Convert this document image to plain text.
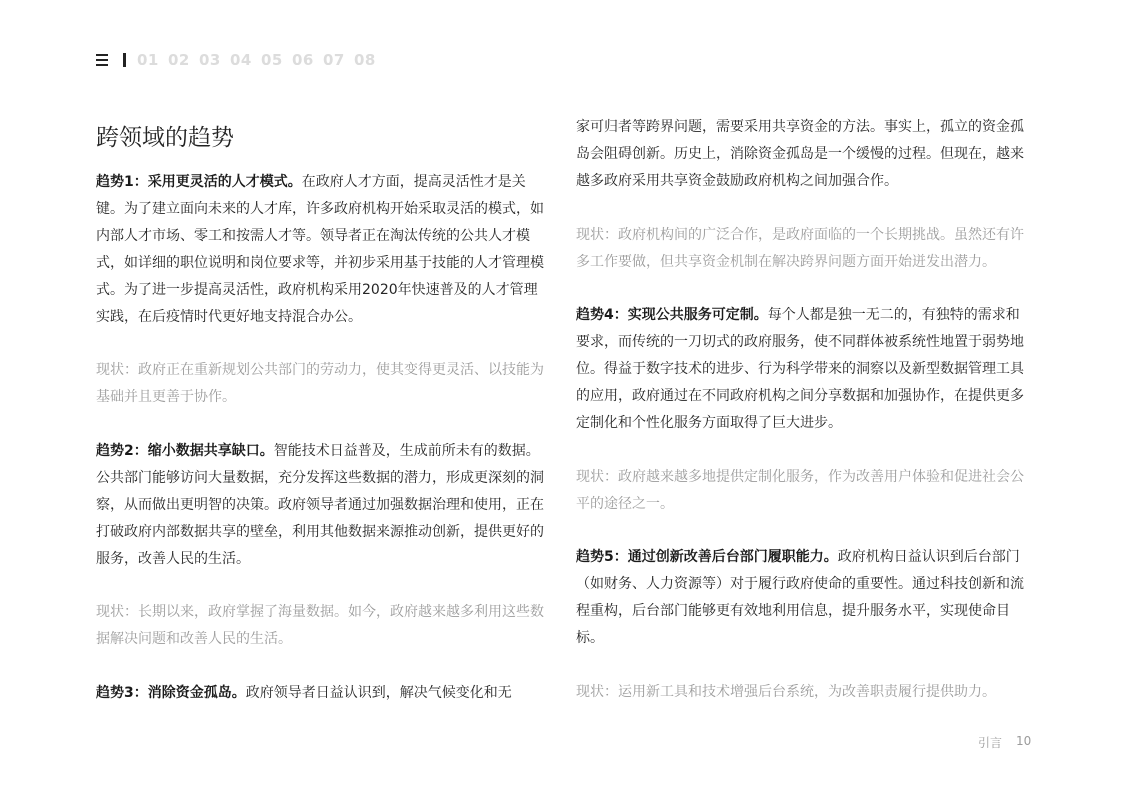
01 02 03 04 05 06 07 08
跨领域的趋势

趋势1：采用更灵活的人才模式。在政府人才方面，提高灵活性才是关键。为了建立面向未来的人才库，许多政府机构开始采取灵活的模式，如内部人才市场、零工和按需人才等。领导者正在淘汰传统的公共人才模式，如详细的职位说明和岗位要求等，并初步采用基于技能的人才管理模式。为了进一步提高灵活性，政府机构采用2020年快速普及的人才管理实践，在后疫情时代更好地支持混合办公。

现状：政府正在重新规划公共部门的劳动力，使其变得更灵活、以技能为基础并且更善于协作。

趋势2：缩小数据共享缺口。智能技术日益普及，生成前所未有的数据。公共部门能够访问大量数据，充分发挥这些数据的潜力，形成更深刻的洞察，从而做出更明智的决策。政府领导者通过加强数据治理和使用，正在打破政府内部数据共享的壁垒，利用其他数据来源推动创新，提供更好的服务，改善人民的生活。

现状：长期以来，政府掌握了海量数据。如今，政府越来越多利用这些数据解决问题和改善人民的生活。

趋势3：消除资金孤岛。政府领导者日益认识到，解决气候变化和无

家可归者等跨界问题，需要采用共享资金的方法。事实上，孤立的资金孤岛会阻碍创新。历史上，消除资金孤岛是一个缓慢的过程。但现在，越来越多政府采用共享资金鼓励政府机构之间加强合作。

现状：政府机构间的广泛合作，是政府面临的一个长期挑战。虽然还有许多工作要做，但共享资金机制在解决跨界问题方面开始迸发出潜力。

趋势4：实现公共服务可定制。每个人都是独一无二的，有独特的需求和要求，而传统的一刀切式的政府服务，使不同群体被系统性地置于弱势地位。得益于数字技术的进步、行为科学带来的洞察以及新型数据管理工具的应用，政府通过在不同政府机构之间分享数据和加强协作，在提供更多定制化和个性化服务方面取得了巨大进步。

现状：政府越来越多地提供定制化服务，作为改善用户体验和促进社会公平的途径之一。

趋势5：通过创新改善后台部门履职能力。政府机构日益认识到后台部门（如财务、人力资源等）对于履行政府使命的重要性。通过科技创新和流程重构，后台部门能够更有效地利用信息，提升服务水平，实现使命目标。

现状：运用新工具和技术增强后台系统，为改善职责履行提供助力。

引言 10
